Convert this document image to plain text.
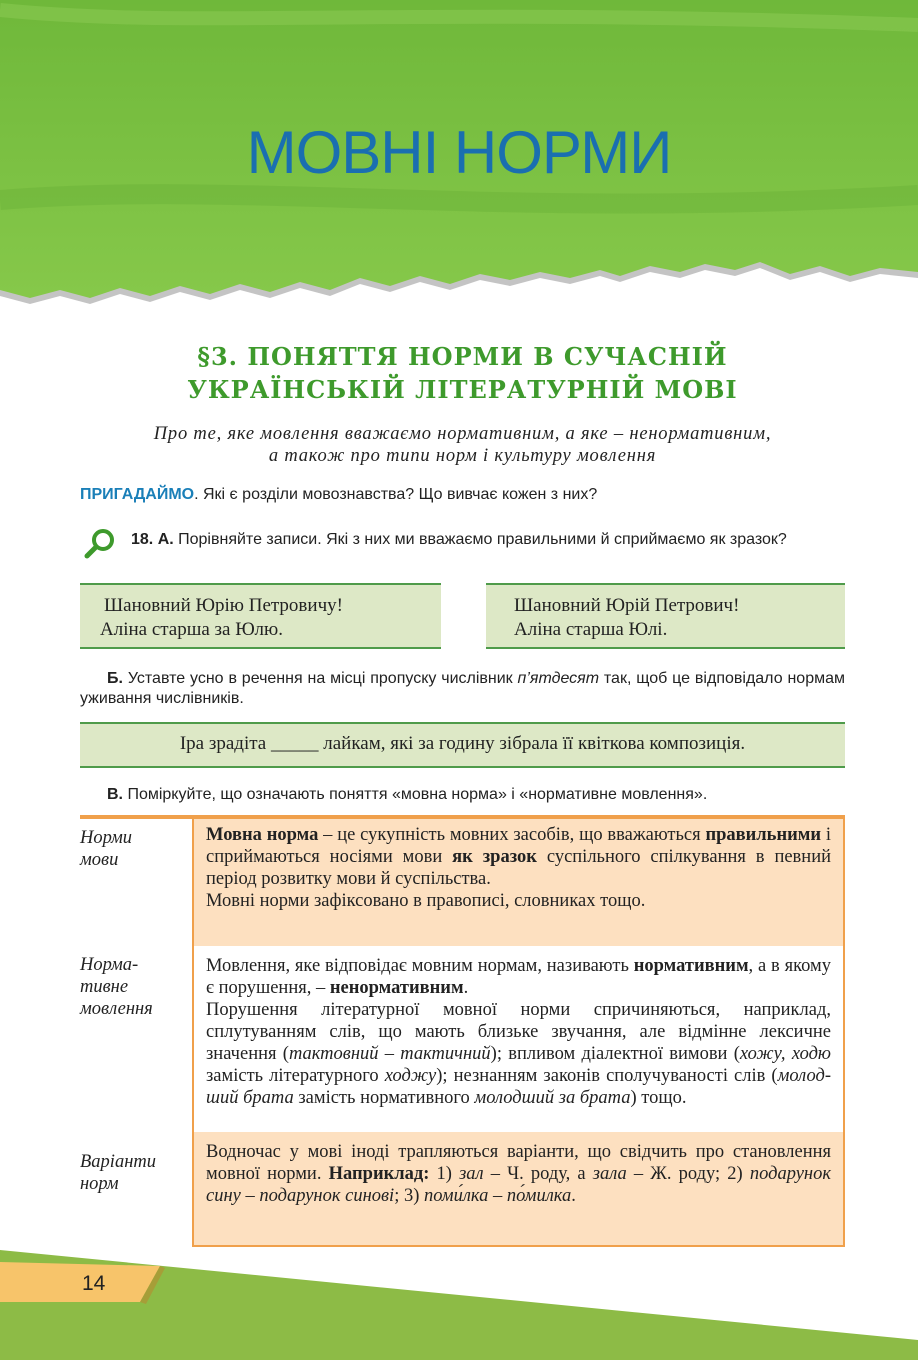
МОВНІ НОРМИ
§3. ПОНЯТТЯ НОРМИ В СУЧАСНІЙ
УКРАЇНСЬКІЙ ЛІТЕРАТУРНІЙ МОВІ
Про те, яке мовлення вважаємо нормативним, а яке – ненормативним,
а також про типи норм і культуру мовлення
ПРИГАДАЙМО. Які є розділи мовознавства? Що вивчає кожен з них?
18. А. Порівняйте записи. Які з них ми вважаємо правильними й сприймаємо як зразок?
Шановний Юрію Петровичу!
Аліна старша за Юлю.
Шановний Юрій Петрович!
Аліна старша Юлі.
Б. Уставте усно в речення на місці пропуску числівник п’ятдесят так, щоб це відповідало нормам уживання числівників.
Іра зрадіта _____ лайкам, які за годину зібрала її квіткова композиція.
В. Поміркуйте, що означають поняття «мовна норма» і «нормативне мовлення».
Норми
мови
Норма-
тивне
мовлення
Варіанти
норм

Мовна норма – це сукупність мовних засобів, що вважаються правильними і сприймаються носіями мови як зразок суспільного спілкування в певний період розвитку мови й суспільства.

Мовні норми зафіксовано в правописі, словниках тощо.

Мовлення, яке відповідає мовним нормам, називають нормативним, а в якому є порушення, – ненормативним.

Порушення літературної мовної норми спричиняються, наприклад, сплутуванням слів, що мають близьке звучання, але відмінне лексичне значення (тактовний – тактичний); впливом діалектної вимови (хожу, ходю замість літературного ходжу); незнанням законів сполучуваності слів (молодший брата замість нормативного молодший за брата) тощо.

Водночас у мові іноді трапляються варіанти, що свідчить про становлення мовної норми. Наприклад: 1) зал – Ч. роду, а зала – Ж. роду; 2) подарунок сину – подарунок синові; 3) поми́лка – по́милка.

14
